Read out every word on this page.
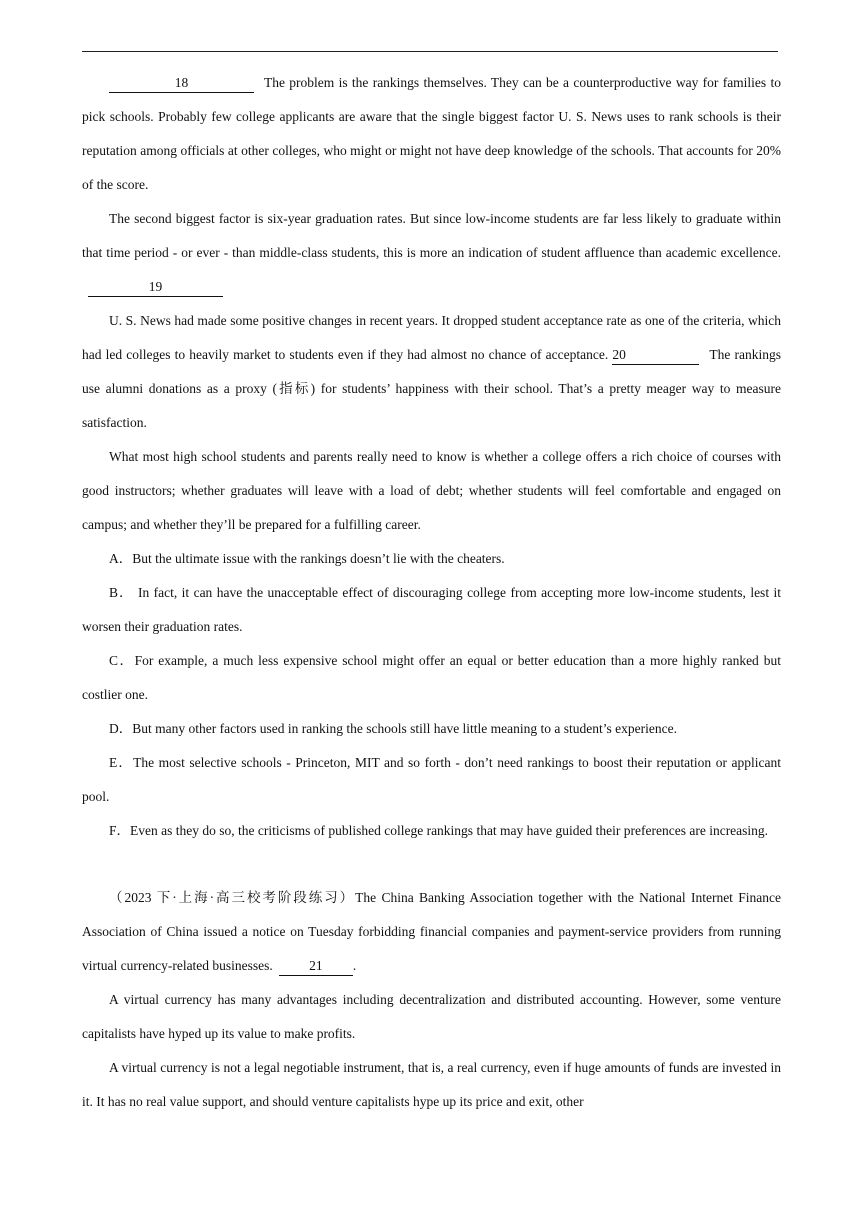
18	The problem is the rankings themselves. They can be a counterproductive way for families to pick schools. Probably few college applicants are aware that the single biggest factor U. S. News uses to rank schools is their reputation among officials at other colleges, who might or might not have deep knowledge of the schools. That accounts for 20% of the score.

The second biggest factor is six-year graduation rates. But since low-income students are far less likely to graduate within that time period - or ever - than middle-class students, this is more an indication of student affluence than academic excellence.19

U. S. News had made some positive changes in recent years. It dropped student acceptance rate as one of the criteria, which had led colleges to heavily market to students even if they had almost no chance of acceptance. 20	The rankings use alumni donations as a proxy (指标) for students’ happiness with their school. That’s a pretty meager way to measure satisfaction.

What most high school students and parents really need to know is whether a college offers a rich choice of courses with good instructors; whether graduates will leave with a load of debt; whether students will feel comfortable and engaged on campus; and whether they’ll be prepared for a fulfilling career.

A．But the ultimate issue with the rankings doesn’t lie with the cheaters.

B． In fact, it can have the unacceptable effect of discouraging college from accepting more low-income students, lest it worsen their graduation rates.

C．For example, a much less expensive school might offer an equal or better education than a more highly ranked but costlier one.

D．But many other factors used in ranking the schools still have little meaning to a student’s experience.

E．The most selective schools - Princeton, MIT and so forth - don’t need rankings to boost their reputation or applicant pool.

F．Even as they do so, the criticisms of published college rankings that may have guided their preferences are increasing.

（2023 下·上海·高三校考阶段练习）The China Banking Association together with the National Internet Finance Association of China issued a notice on Tuesday forbidding financial companies and payment-service providers from running virtual currency-related businesses.	21 .

A virtual currency has many advantages including decentralization and distributed accounting. However, some venture capitalists have hyped up its value to make profits.

A virtual currency is not a legal negotiable instrument, that is, a real currency, even if huge amounts of funds are invested in it. It has no real value support, and should venture capitalists hype up its price and exit, other
